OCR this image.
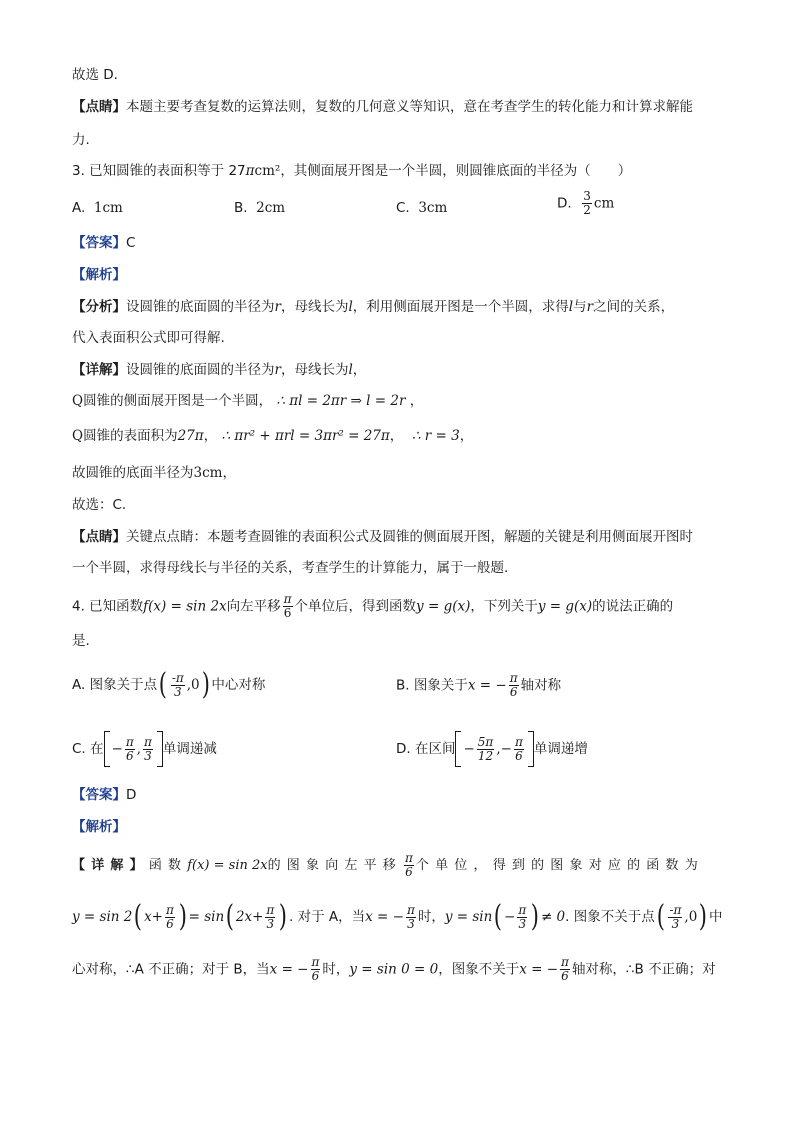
故选 D.
【点睛】本题主要考查复数的运算法则，复数的几何意义等知识，意在考查学生的转化能力和计算求解能
力.
3. 已知圆锥的表面积等于 27πcm²，其侧面展开图是一个半圆，则圆锥底面的半径为（　　）
A. 1cm	B. 2cm	C. 3cm	D. $\frac{3}{2}$ cm
【答案】C
【解析】
【分析】设圆锥的底面圆的半径为r，母线长为l，利用侧面展开图是一个半圆，求得l与r之间的关系，
代入表面积公式即可得解.
【详解】设圆锥的底面圆的半径为r，母线长为l，
Q圆锥的侧面展开图是一个半圆， ∴ πl = 2πr ⇒ l = 2r ，
Q圆锥的表面积为27π， ∴ πr² + πrl = 3πr² = 27π，  ∴ r = 3，
故圆锥的底面半径为3cm，
故选：C.
【点睛】关键点点睛：本题考查圆锥的表面积公式及圆锥的侧面展开图，解题的关键是利用侧面展开图时
一个半圆，求得母线长与半径的关系，考查学生的计算能力，属于一般题.
4. 已知函数f(x) = sin 2x向左平移 $\frac{\pi}{6}$ 个单位后，得到函数y = g(x)，下列关于y = g(x)的说法正确的
是.
A. 图象关于点( $\frac{-\pi}{3} ,0$) 中心对称	B. 图象关于x = − $\frac{\pi}{6}$ 轴对称
C. 在 − $\frac{\pi}{6}$ , $\frac{\pi}{3}$ 单调递减	D. 在区间 − $\frac{5\pi}{12}$ ,− $\frac{\pi}{6}$ 单调递增
【答案】D
【解析】
【详解】函数f(x) = sin 2x的图象向左平移 $\frac{\pi}{6}$ 个单位，得到的图象对应的函数为
y = sin 2( $x+ \frac{\pi}{6}$ ) = sin( $2x+ \frac{\pi}{3}$ ) . 对于 A，当x = − $\frac{\pi}{3}$ 时，$y = \sin( - \frac{\pi}{3}$ ) ≠ 0. 图象不关于点( $\frac{-\pi}{3} ,0$) 中
心对称，∴A 不正确；对于 B，当x = − $\frac{\pi}{6}$ 时，y = sin 0 = 0，图象不关于x = − $\frac{\pi}{6}$ 轴对称，∴B 不正确；对
